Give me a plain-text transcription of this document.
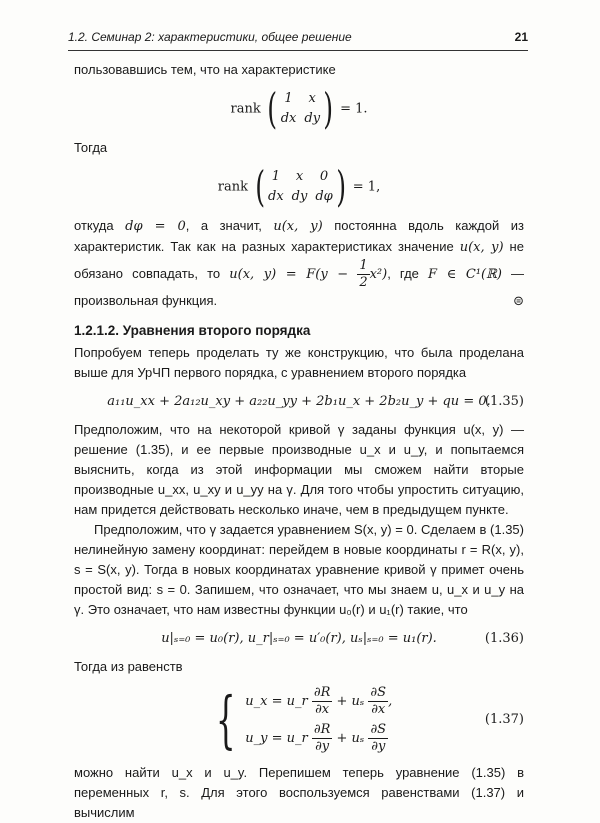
1.2. Семинар 2: характеристики, общее решение	21

пользовавшись тем, что на характеристике

rank ( 1	x
dx dy ) = 1.

Тогда

rank ( 1	x	0
dx dy dφ ) = 1,

откуда dφ = 0, а значит, u(x, y) постоянна вдоль каждой из характеристик. Так как на разных характеристиках значение u(x, y) не обязано совпадать, то u(x, $y) = F(y - \frac{1}{2} x^2)$, где F ∈ C¹(ℝ) — произвольная функция.	⊜

1.2.1.2. Уравнения второго порядка

Попробуем теперь проделать ту же конструкцию, что была проделана выше для УрЧП первого порядка, с уравнением второго порядка

a₁₁u_xx + 2a₁₂u_xy + a₂₂u_yy + 2b₁u_x + 2b₂u_y + qu = 0.
(1.35)

Предположим, что на некоторой кривой γ заданы функция u(x, y) — решение (1.35), и ее первые производные u_x и u_y, и попытаемся выяснить, когда из этой информации мы сможем найти вторые производные u_xx, u_xy и u_yy на γ. Для того чтобы упростить ситуацию, нам придется действовать несколько иначе, чем в предыдущем пункте.

Предположим, что γ задается уравнением S(x, y) = 0. Сделаем в (1.35) нелинейную замену координат: перейдем в новые координаты r = R(x, y), s = S(x, y). Тогда в новых координатах уравнение кривой γ примет очень простой вид: s = 0. Запишем, что означает, что мы знаем u, u_x и u_y на γ. Это означает, что нам известны функции u₀(r) и u₁(r) такие, что

u|ₛ₌₀ = u₀(r), u_r|ₛ₌₀ = u′₀(r), uₛ|ₛ₌₀ = u₁(r).	(1.36)

Тогда из равенств

{ u_x = u_r $\frac{\partial R}{\partial x} + u_s \frac{\partial S}{\partial x}$ ,
u_y = u_r $\frac{\partial R}{\partial y} + u_s \frac{\partial S}{\partial y}$
(1.37)

можно найти u_x и u_y. Перепишем теперь уравнение (1.35) в переменных r, s. Для этого воспользуемся равенствами (1.37) и вычислим
